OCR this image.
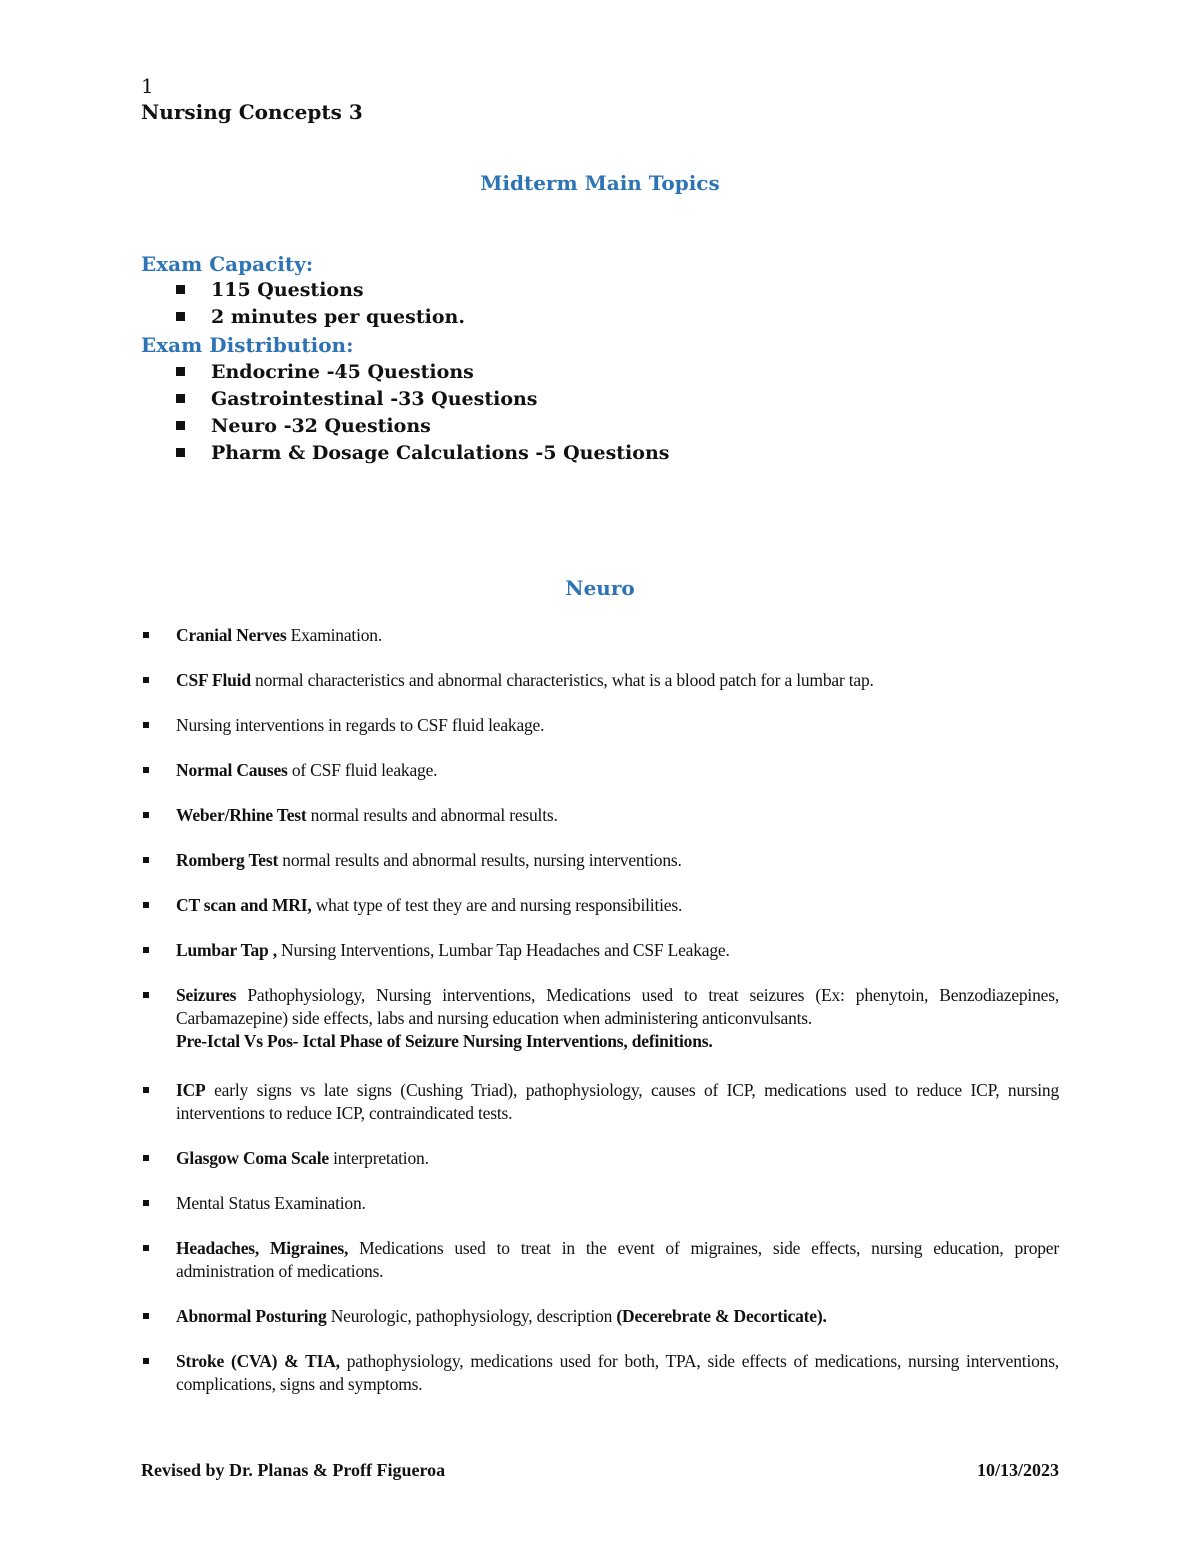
1
Nursing Concepts 3
Midterm Main Topics
Exam Capacity:
115 Questions
2 minutes per question.
Exam Distribution:
Endocrine -45 Questions
Gastrointestinal -33 Questions
Neuro -32 Questions
Pharm & Dosage Calculations -5 Questions
Neuro
Cranial Nerves Examination.
CSF Fluid normal characteristics and abnormal characteristics, what is a blood patch for a lumbar tap.
Nursing interventions in regards to CSF fluid leakage.
Normal Causes of CSF fluid leakage.
Weber/Rhine Test normal results and abnormal results.
Romberg Test normal results and abnormal results, nursing interventions.
CT scan and MRI, what type of test they are and nursing responsibilities.
Lumbar Tap , Nursing Interventions, Lumbar Tap Headaches and CSF Leakage.
Seizures Pathophysiology, Nursing interventions, Medications used to treat seizures (Ex: phenytoin, Benzodiazepines, Carbamazepine) side effects, labs and nursing education when administering anticonvulsants.
Pre-Ictal Vs Pos- Ictal Phase of Seizure Nursing Interventions, definitions.
ICP early signs vs late signs (Cushing Triad), pathophysiology, causes of ICP, medications used to reduce ICP, nursing interventions to reduce ICP, contraindicated tests.
Glasgow Coma Scale interpretation.
Mental Status Examination.
Headaches, Migraines, Medications used to treat in the event of migraines, side effects, nursing education, proper administration of medications.
Abnormal Posturing Neurologic, pathophysiology, description (Decerebrate & Decorticate).
Stroke (CVA) & TIA, pathophysiology, medications used for both, TPA, side effects of medications, nursing interventions, complications, signs and symptoms.
Revised by Dr. Planas & Proff Figueroa	10/13/2023
